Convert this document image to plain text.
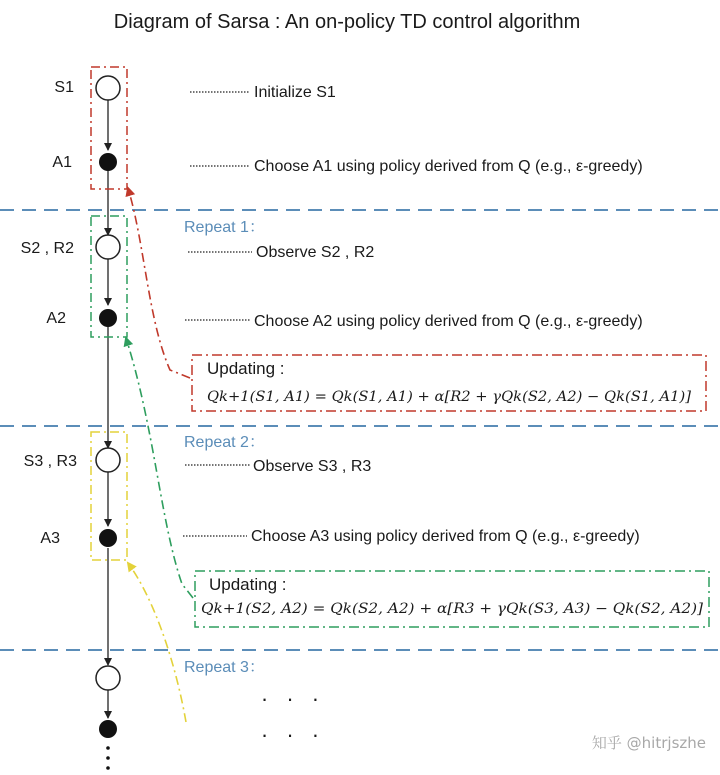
Diagram of Sarsa : An on-policy TD control algorithm
S1
A1
S2 , R2
A2
S3 , R3
A3
Initialize S1
Choose A1 using policy derived from Q (e.g., ε-greedy)
Observe S2 , R2
Choose A2 using policy derived from Q (e.g., ε-greedy)
Observe S3 , R3
Choose A3 using policy derived from Q (e.g., ε-greedy)
Repeat 1：
Repeat 2：
Repeat 3：
Updating :
Qk+1(S1, A1) = Qk(S1, A1) + α[R2 + γQk(S2, A2) − Qk(S1, A1)]
Updating :
Qk+1(S2, A2) = Qk(S2, A2) + α[R3 + γQk(S3, A3) − Qk(S2, A2)]
· · ·
· · ·	知乎 @hitrjszhe
